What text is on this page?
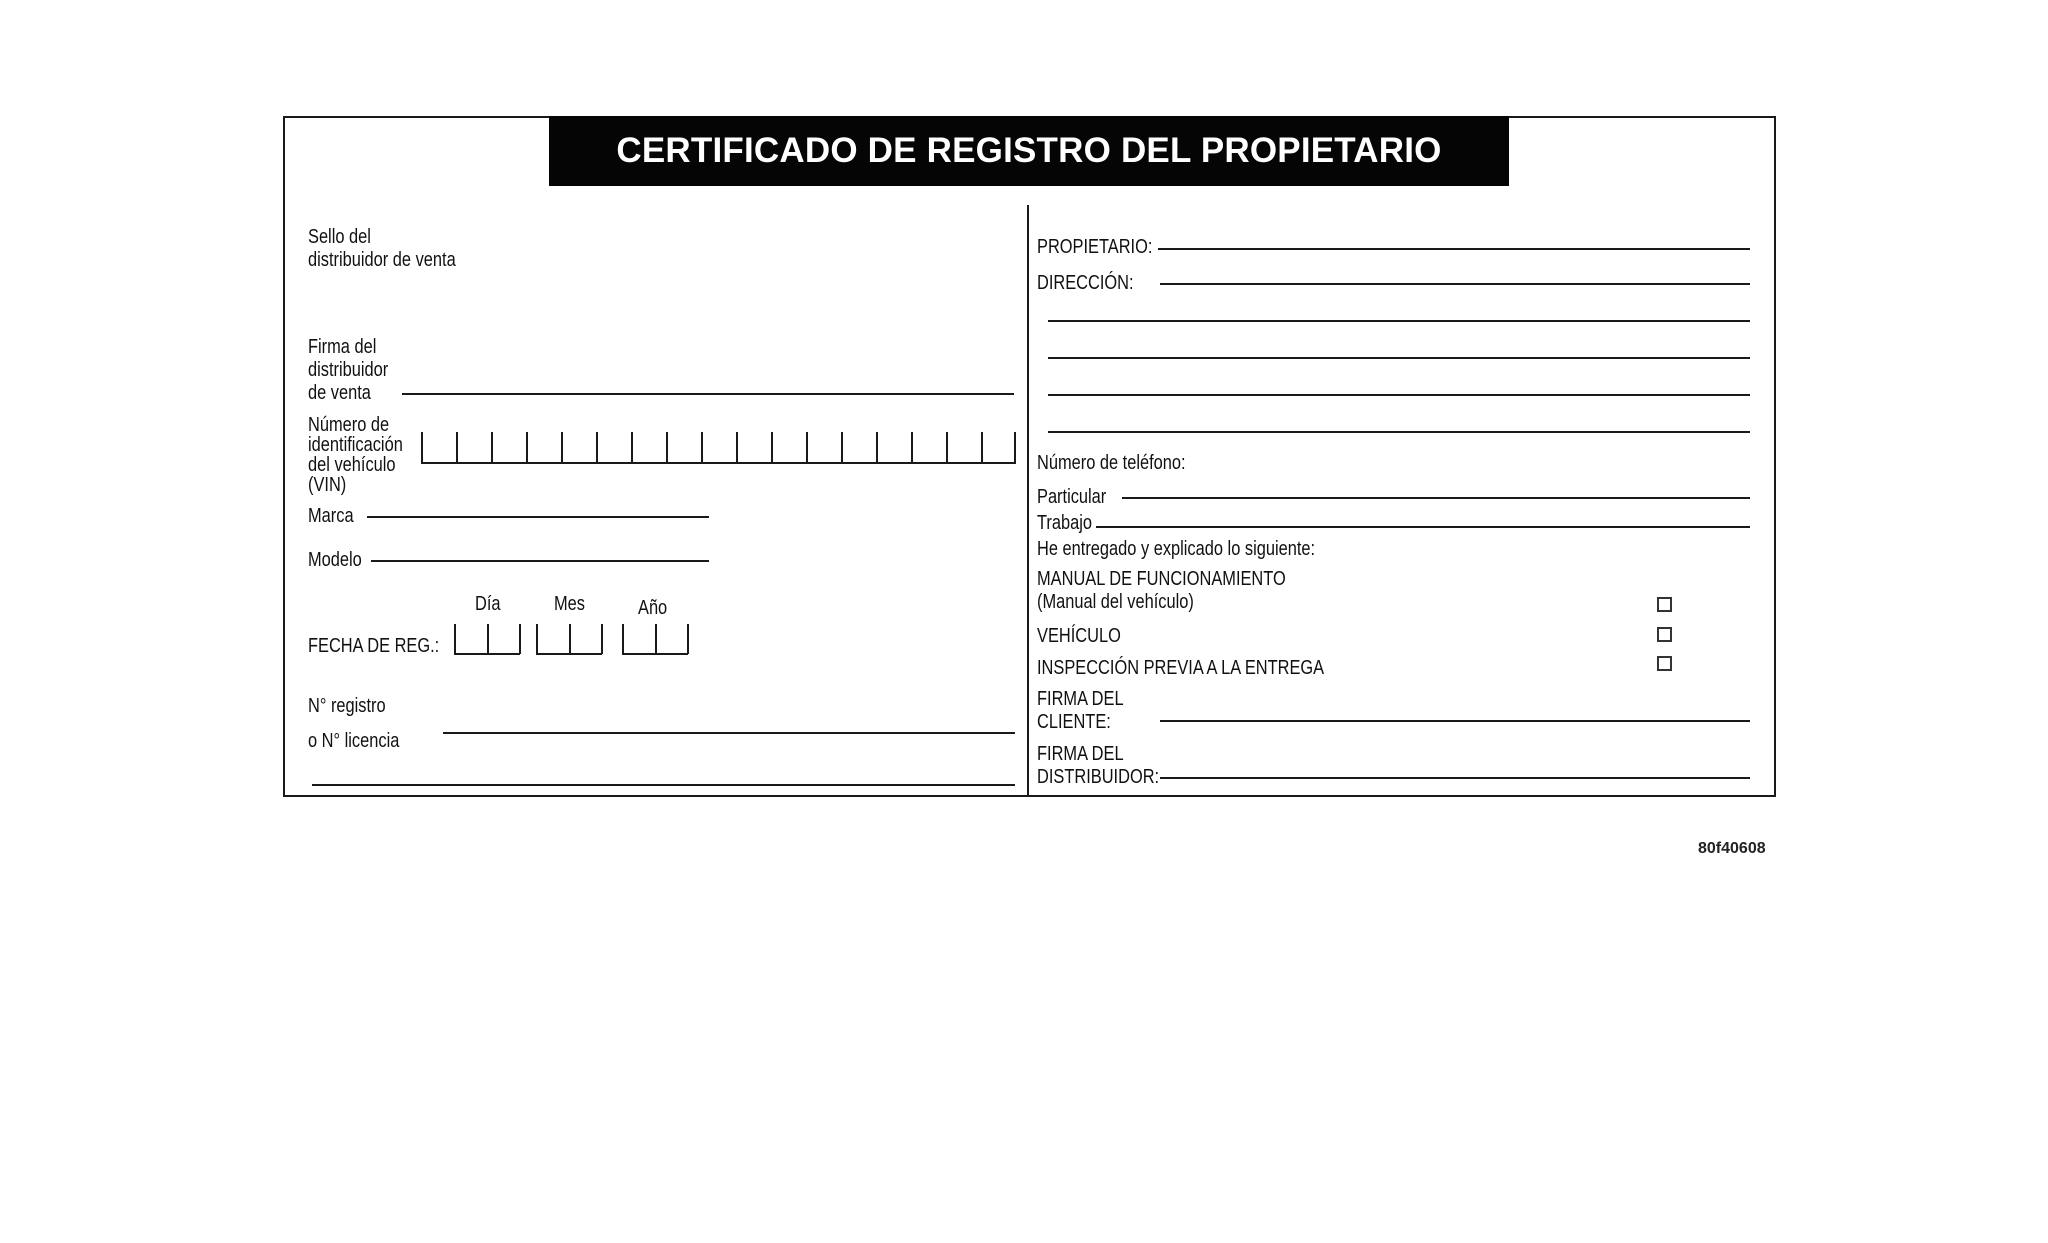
CERTIFICADO DE REGISTRO DEL PROPIETARIO
Sello del
distribuidor de venta
Firma del
distribuidor
de venta
Número de
identificación
del vehículo
(VIN)
Marca
Modelo
Día	Mes	Año
FECHA DE REG.:
N° registro
o N° licencia
PROPIETARIO:
DIRECCIÓN:
Número de teléfono:
Particular
Trabajo
He entregado y explicado lo siguiente:
MANUAL DE FUNCIONAMIENTO
(Manual del vehículo)
VEHÍCULO
INSPECCIÓN PREVIA A LA ENTREGA
FIRMA DEL
CLIENTE:
FIRMA DEL
DISTRIBUIDOR:
80f40608
